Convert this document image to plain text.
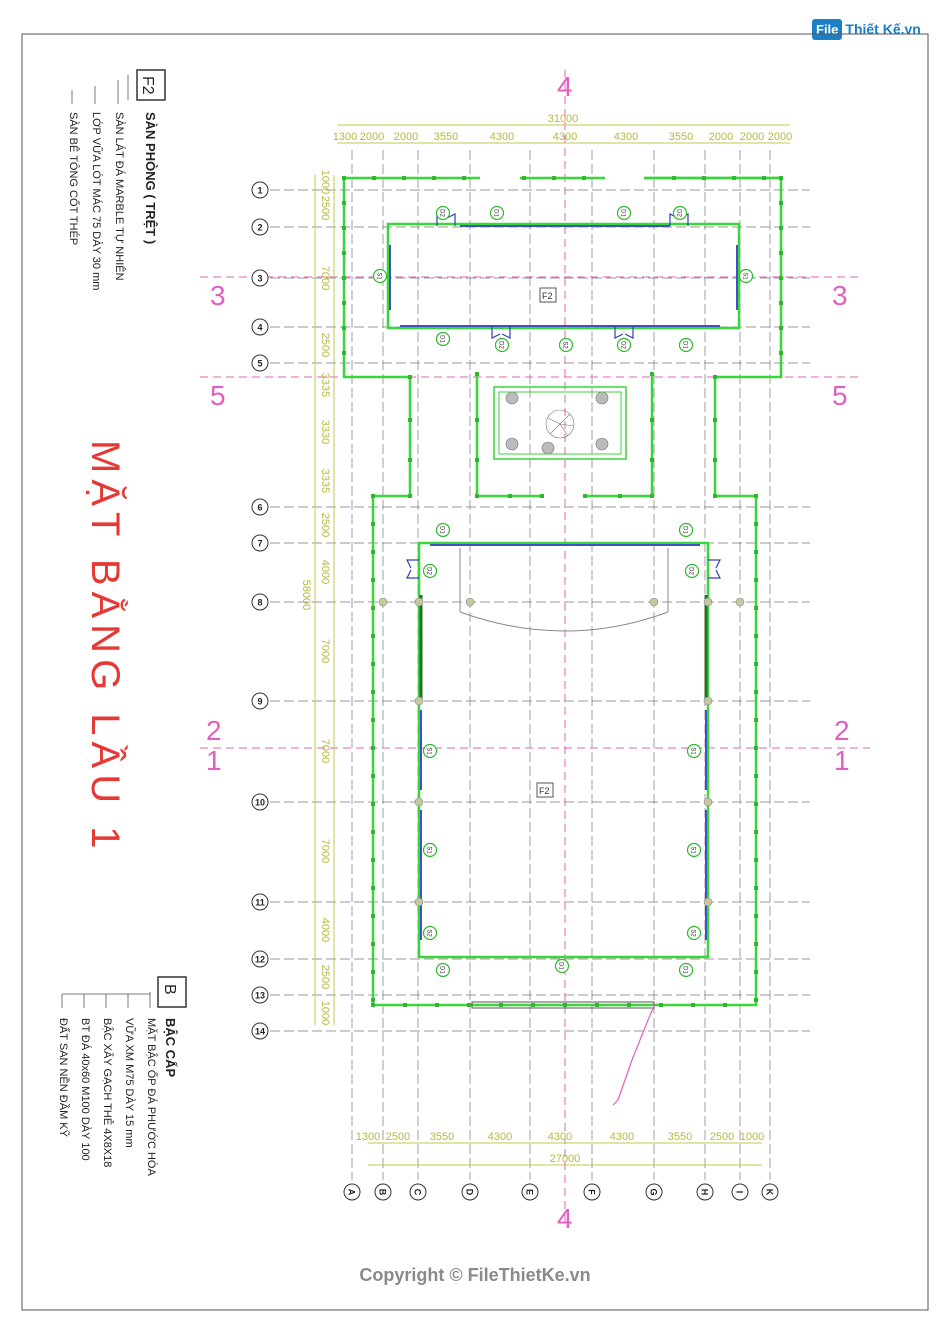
File Thiết Kế.vn
4
4
3	3
5	5
2
1
2
1
F2
F2
D2	D1	D1	D2
S1	S1
D1
D2	S2	D2	D1
D1	D1
D2	D2
S1	S1
S1	S1
S2	S2
D1
D1
D1
31000
1300 2000 2000 3550	4300	4300	4300	3550 2000 2000 2000
1300 2500 3550	4300	4300	4300	3550 2500 1000
27000
1000
2500
7000
2500
3335
3330
3335
2500
4000
7000
7000
7000
4000
2500
1000
58000
1
2
3
4
5
6
7
8
9
10
11
12
13
14
A B	C	D	E	F	G	H	I K
MẶT BẰNG LẦU 1
F2
SÀN PHÒNG ( TRỆT )
SÀN LÁT ĐÁ MARBLE TỰ NHIÊN
LỚP VỮA LÓT MÁC 75 DÀY 30 mm
SÀN BÊ TÔNG CỐT THÉP
B
BẬC CẤP
MẶT BẬC ỐP ĐÁ PHƯỚC HÒA
VỮA XM M75 DÀY 15 mm
BẬC XÂY GẠCH THẺ 4X8X18
BT ĐÁ 40x60 M100 DÀY 100
ĐẤT SAN NỀN ĐẦM KỸ
Copyright © FileThietKe.vn
